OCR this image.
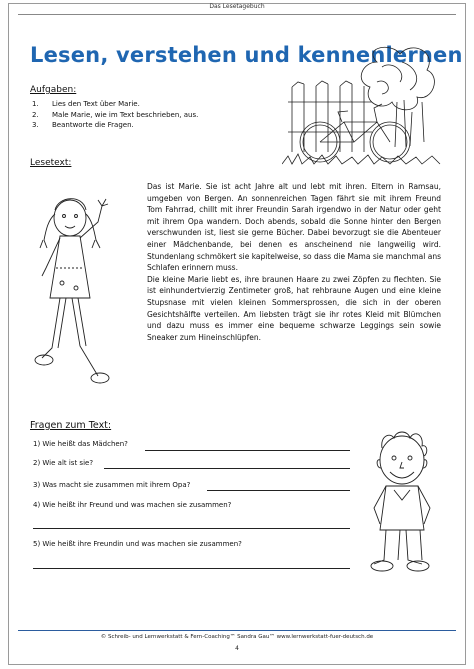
Das Lesetagebuch
Lesen, verstehen und kennenlernen
Aufgaben:
1.	Lies den Text über Marie.
2.	Male Marie, wie im Text beschrieben, aus.
3.	Beantworte die Fragen.
Lesetext:

Das ist Marie. Sie ist acht Jahre alt und lebt mit ihren. Eltern in Ramsau, umgeben von Bergen. An sonnenreichen Tagen fährt sie mit ihrem Freund Tom Fahrrad, chillt mit ihrer Freundin Sarah irgendwo in der Natur oder geht mit ihrem Opa wandern. Doch abends, sobald die Sonne hinter den Bergen verschwunden ist, liest sie gerne Bücher. Dabei bevorzugt sie die Abenteuer einer Mädchenbande, bei denen es anscheinend nie langweilig wird. Stundenlang schmökert sie kapitelweise, so dass die Mama sie manchmal ans Schlafen erinnern muss.

Die kleine Marie liebt es, ihre braunen Haare zu zwei Zöpfen zu flechten. Sie ist einhundertvierzig Zentimeter groß, hat rehbraune Augen und eine kleine Stupsnase mit vielen kleinen Sommersprossen, die sich in der oberen Gesichtshälfte verteilen. Am liebsten trägt sie ihr rotes Kleid mit Blümchen und dazu muss es immer eine bequeme schwarze Leggings sein sowie Sneaker zum Hineinschlüpfen.

Fragen zum Text:
1) Wie heißt das Mädchen?
2) Wie alt ist sie?
3) Was macht sie zusammen mit ihrem Opa?
4) Wie heißt ihr Freund und was machen sie zusammen?
5) Wie heißt ihre Freundin und was machen sie zusammen?
© Schreib- und Lernwerkstatt & Fern-Coaching™ Sandra Gau™ www.lernwerkstatt-fuer-deutsch.de
4
